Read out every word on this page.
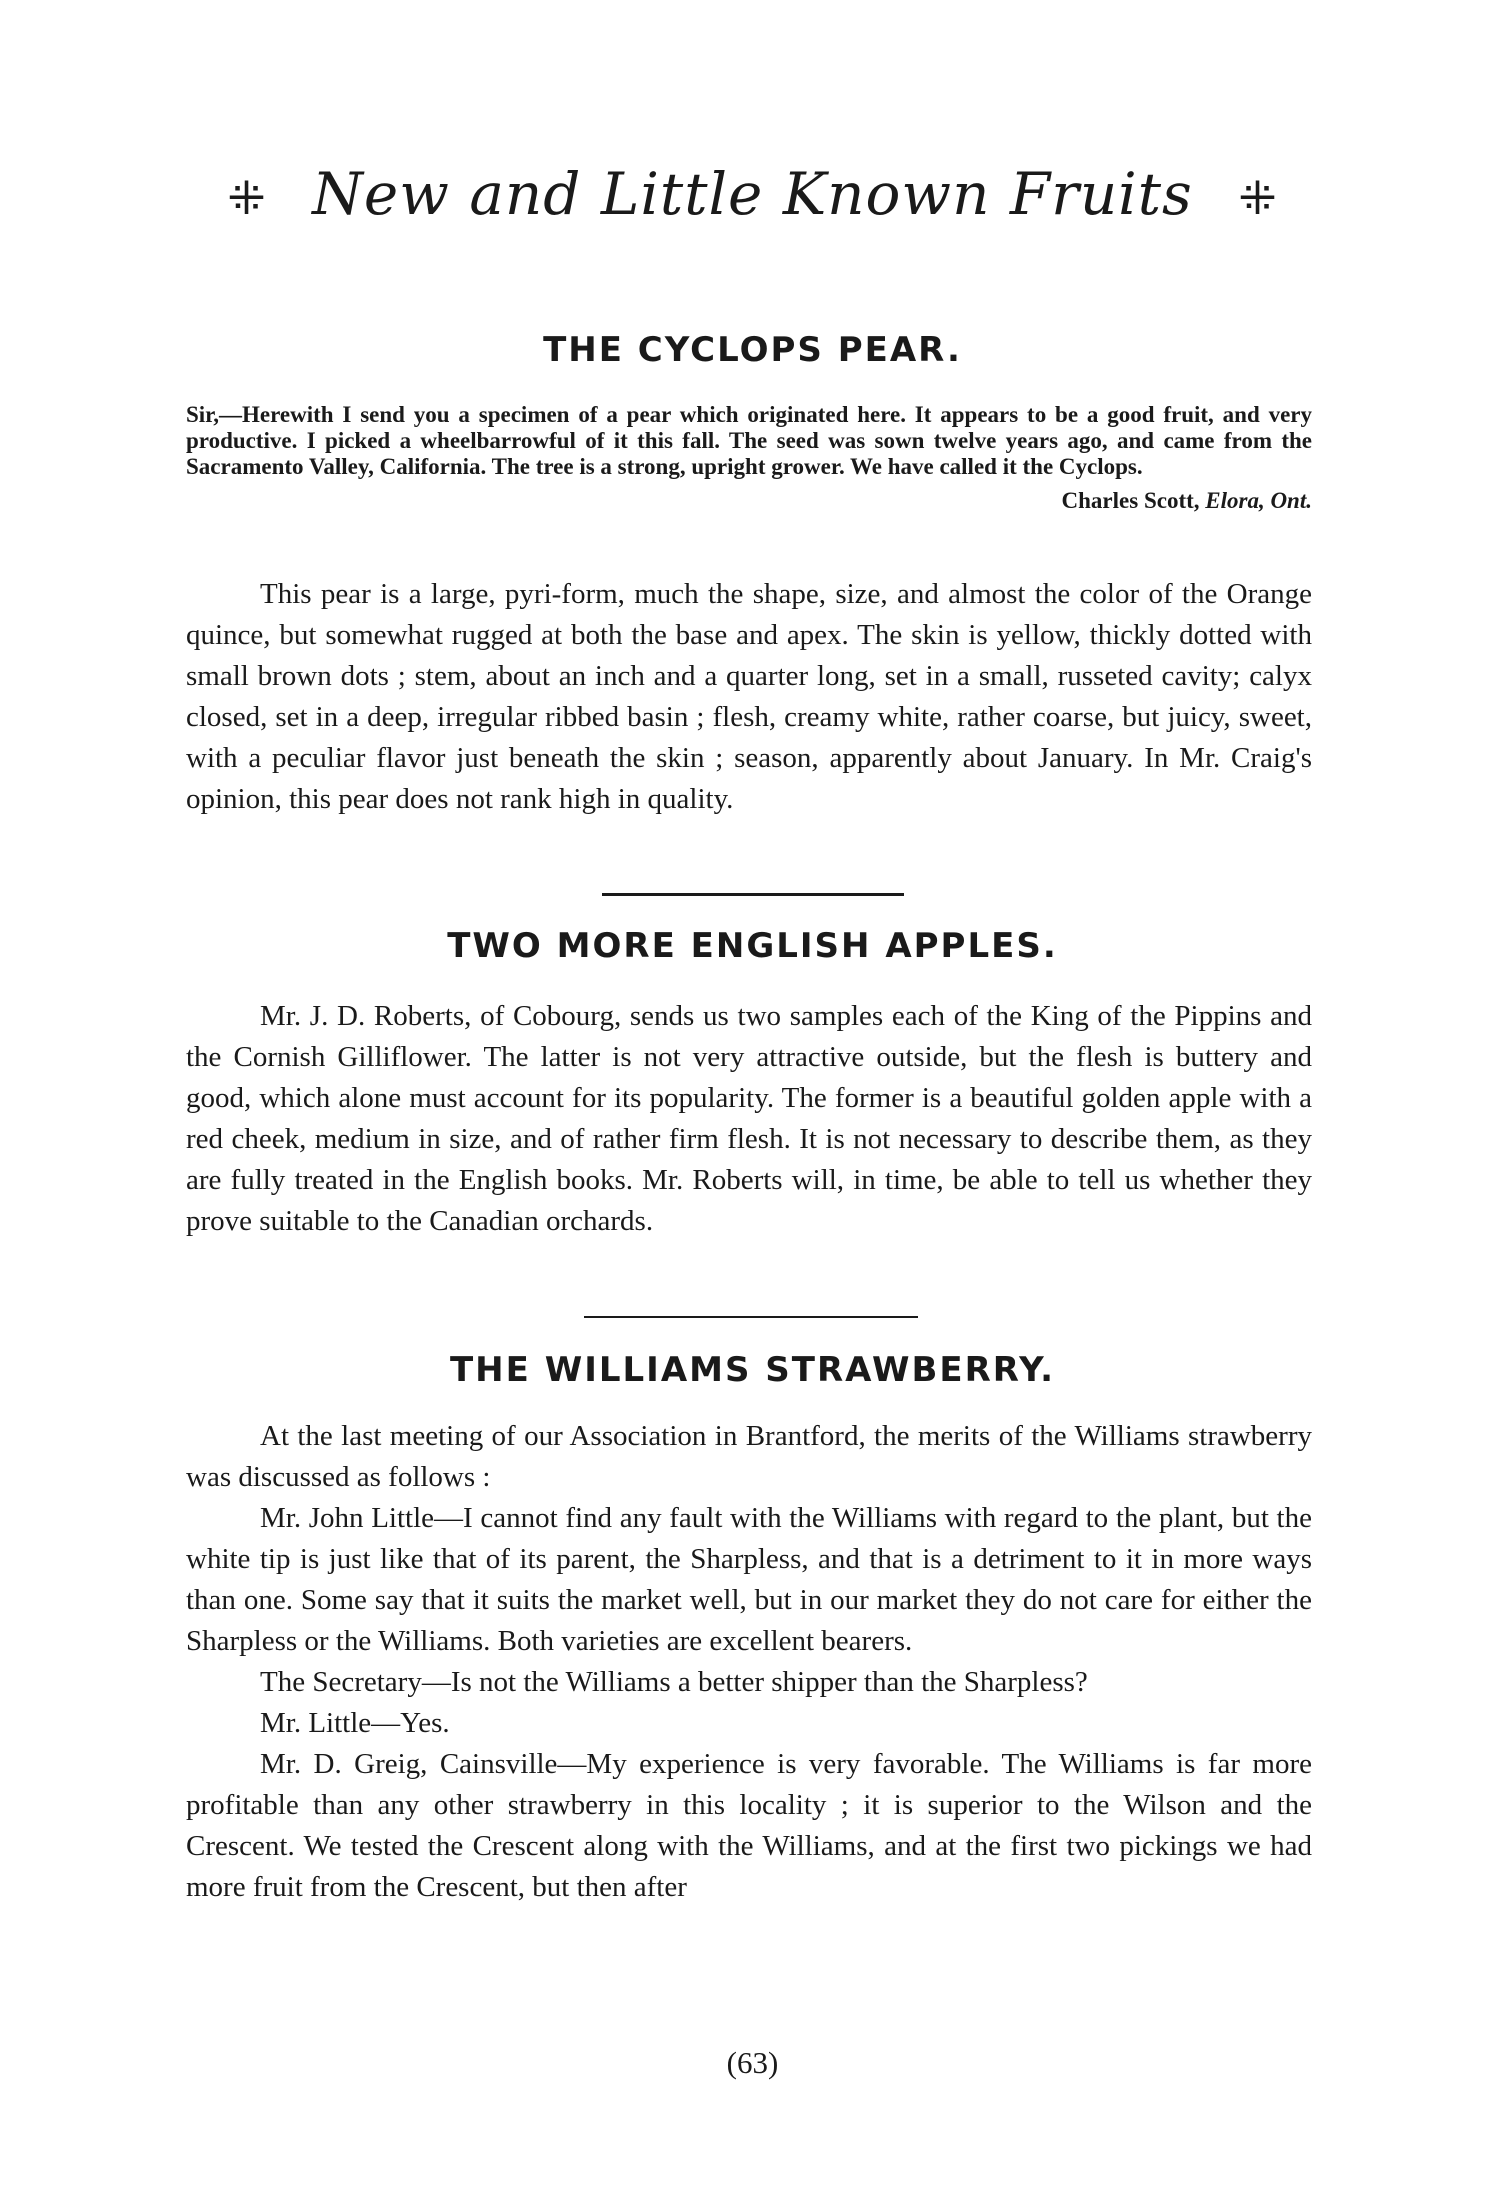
⁜ New and Little Known Fruits ⁜
THE CYCLOPS PEAR.
Sir,—Herewith I send you a specimen of a pear which originated here. It appears to be a good fruit, and very productive. I picked a wheelbarrowful of it this fall. The seed was sown twelve years ago, and came from the Sacramento Valley, California. The tree is a strong, upright grower. We have called it the Cyclops.
Charles Scott, Elora, Ont.

This pear is a large, pyri-form, much the shape, size, and almost the color of the Orange quince, but somewhat rugged at both the base and apex. The skin is yellow, thickly dotted with small brown dots ; stem, about an inch and a quarter long, set in a small, russeted cavity; calyx closed, set in a deep, irregular ribbed basin ; flesh, creamy white, rather coarse, but juicy, sweet, with a peculiar flavor just beneath the skin ; season, apparently about January. In Mr. Craig's opinion, this pear does not rank high in quality.

TWO MORE ENGLISH APPLES.

Mr. J. D. Roberts, of Cobourg, sends us two samples each of the King of the Pippins and the Cornish Gilliflower. The latter is not very attractive outside, but the flesh is buttery and good, which alone must account for its popularity. The former is a beautiful golden apple with a red cheek, medium in size, and of rather firm flesh. It is not necessary to describe them, as they are fully treated in the English books. Mr. Roberts will, in time, be able to tell us whether they prove suitable to the Canadian orchards.

THE WILLIAMS STRAWBERRY.

At the last meeting of our Association in Brantford, the merits of the Williams strawberry was discussed as follows :

Mr. John Little—I cannot find any fault with the Williams with regard to the plant, but the white tip is just like that of its parent, the Sharpless, and that is a detriment to it in more ways than one. Some say that it suits the market well, but in our market they do not care for either the Sharpless or the Williams. Both varieties are excellent bearers.

The Secretary—Is not the Williams a better shipper than the Sharpless?

Mr. Little—Yes.

Mr. D. Greig, Cainsville—My experience is very favorable. The Williams is far more profitable than any other strawberry in this locality ; it is superior to the Wilson and the Crescent. We tested the Crescent along with the Williams, and at the first two pickings we had more fruit from the Crescent, but then after

(63)
